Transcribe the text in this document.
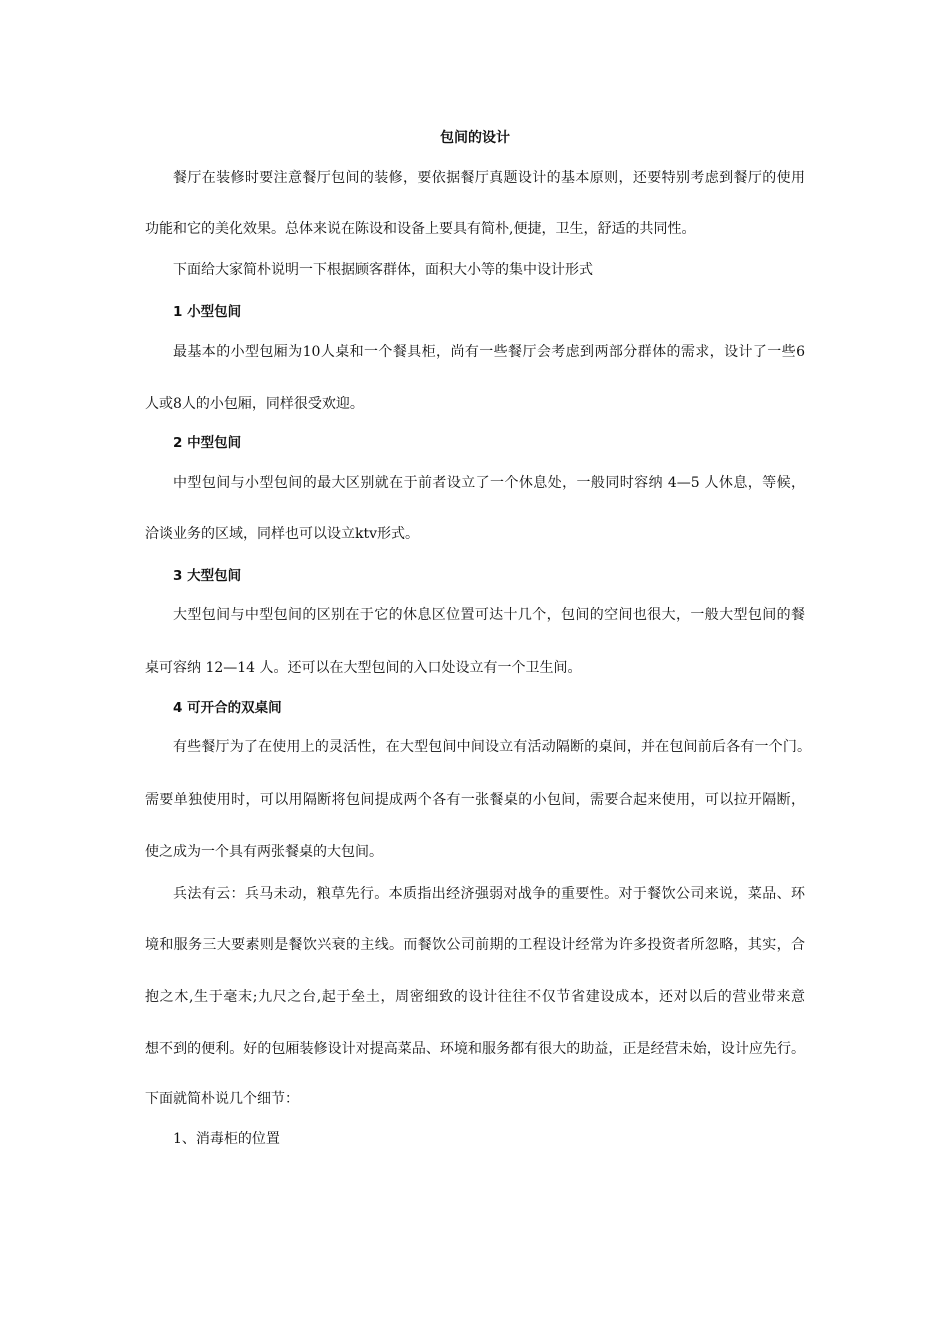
包间的设计
餐厅在装修时要注意餐厅包间的装修，要依据餐厅真题设计的基本原则，还要特别考虑到餐厅的使用
功能和它的美化效果。总体来说在陈设和设备上要具有简朴,便捷，卫生，舒适的共同性。
下面给大家简朴说明一下根据顾客群体，面积大小等的集中设计形式
1 小型包间
最基本的小型包厢为10人桌和一个餐具柜，尚有一些餐厅会考虑到两部分群体的需求，设计了一些6
人或8人的小包厢，同样很受欢迎。
2 中型包间
中型包间与小型包间的最大区别就在于前者设立了一个休息处，一般同时容纳 4—5 人休息，等候，
洽谈业务的区域，同样也可以设立ktv形式。
3 大型包间
大型包间与中型包间的区别在于它的休息区位置可达十几个，包间的空间也很大，一般大型包间的餐
桌可容纳 12—14 人。还可以在大型包间的入口处设立有一个卫生间。
4 可开合的双桌间
有些餐厅为了在使用上的灵活性，在大型包间中间设立有活动隔断的桌间，并在包间前后各有一个门。
需要单独使用时，可以用隔断将包间提成两个各有一张餐桌的小包间，需要合起来使用，可以拉开隔断，
使之成为一个具有两张餐桌的大包间。
兵法有云：兵马未动，粮草先行。本质指出经济强弱对战争的重要性。对于餐饮公司来说，菜品、环
境和服务三大要素则是餐饮兴衰的主线。而餐饮公司前期的工程设计经常为许多投资者所忽略，其实，合
抱之木,生于毫末;九尺之台,起于垒土，周密细致的设计往往不仅节省建设成本，还对以后的营业带来意
想不到的便利。好的包厢装修设计对提高菜品、环境和服务都有很大的助益，正是经营未始，设计应先行。
下面就简朴说几个细节：
1、消毒柜的位置
